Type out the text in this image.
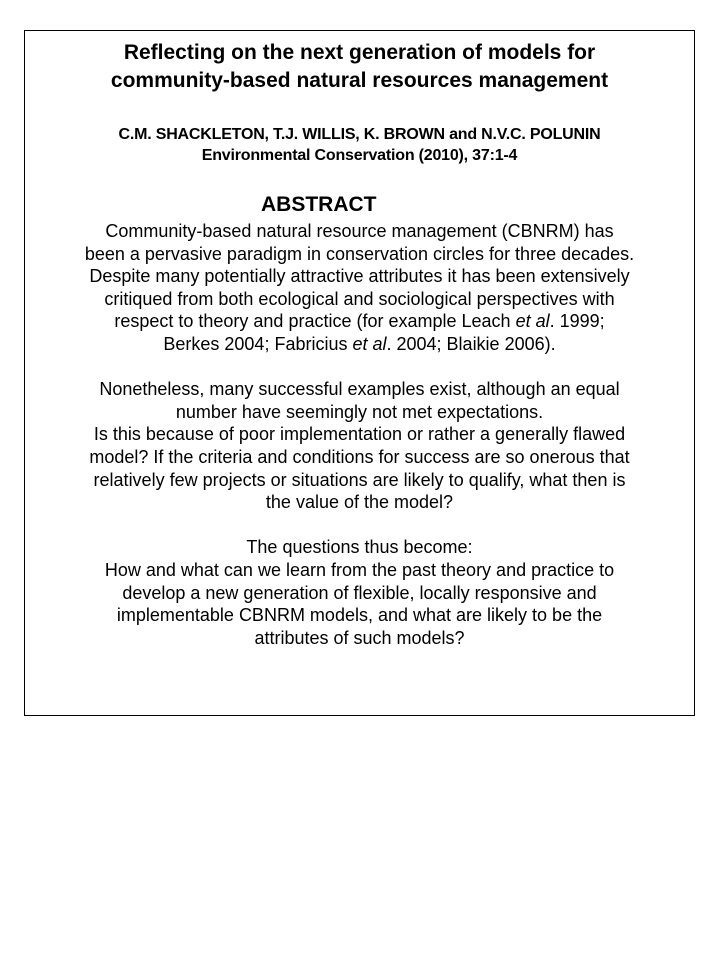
Reflecting on the next generation of models for
community-based natural resources management
C.M. SHACKLETON, T.J. WILLIS, K. BROWN and N.V.C. POLUNIN
Environmental Conservation (2010), 37:1-4
ABSTRACT
Community-based natural resource management (CBNRM) has
been a pervasive paradigm in conservation circles for three decades.
Despite many potentially attractive attributes it has been extensively
critiqued from both ecological and sociological perspectives with
respect to theory and practice (for example Leach et al. 1999;
Berkes 2004; Fabricius et al. 2004; Blaikie 2006).
Nonetheless, many successful examples exist, although an equal
number have seemingly not met expectations.
Is this because of poor implementation or rather a generally flawed
model? If the criteria and conditions for success are so onerous that
relatively few projects or situations are likely to qualify, what then is
the value of the model?
The questions thus become:
How and what can we learn from the past theory and practice to
develop a new generation of flexible, locally responsive and
implementable CBNRM models, and what are likely to be the
attributes of such models?
